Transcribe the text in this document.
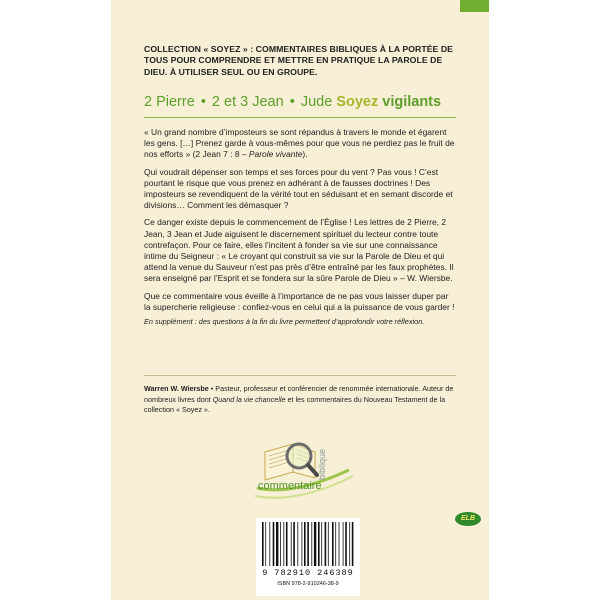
COLLECTION « SOYEZ » : COMMENTAIRES BIBLIQUES À LA PORTÉE DE TOUS POUR COMPRENDRE ET METTRE EN PRATIQUE LA PAROLE DE DIEU. À UTILISER SEUL OU EN GROUPE.
2 Pierre • 2 et 3 Jean • Jude Soyez vigilants

« Un grand nombre d’imposteurs se sont répandus à travers le monde et égarent les gens. […] Prenez garde à vous-mêmes pour que vous ne perdiez pas le fruit de nos efforts » (2 Jean 7 : 8 – Parole vivante).

Qui voudrait dépenser son temps et ses forces pour du vent ? Pas vous ! C’est pourtant le risque que vous prenez en adhérant à de fausses doctrines ! Des imposteurs se revendiquent de la vérité tout en séduisant et en semant discorde et divisions… Comment les démasquer ?

Ce danger existe depuis le commencement de l’Église ! Les lettres de 2 Pierre, 2 Jean, 3 Jean et Jude aiguisent le discernement spirituel du lecteur contre toute contrefaçon. Pour ce faire, elles l’incitent à fonder sa vie sur une connaissance intime du Seigneur : « Le croyant qui construit sa vie sur la Parole de Dieu et qui attend la venue du Sauveur n’est pas près d’être entraîné par les faux prophètes. Il sera enseigné par l’Esprit et se fondera sur la sûre Parole de Dieu » – W. Wiersbe.

Que ce commentaire vous éveille à l’importance de ne pas vous laisser duper par la supercherie religieuse : confiez-vous en celui qui a la puissance de vous garder !

En supplément : des questions à la fin du livre permettent d’approfondir votre réflexion.

Warren W. Wiersbe • Pasteur, professeur et conférencier de renommée internationale. Auteur de nombreux livres dont Quand la vie chancelle et les commentaires du Nouveau Testament de la collection « Soyez ».
commentaire
biblique
ELB
9 782910 246389
ISBN 978-2-910246-38-9
